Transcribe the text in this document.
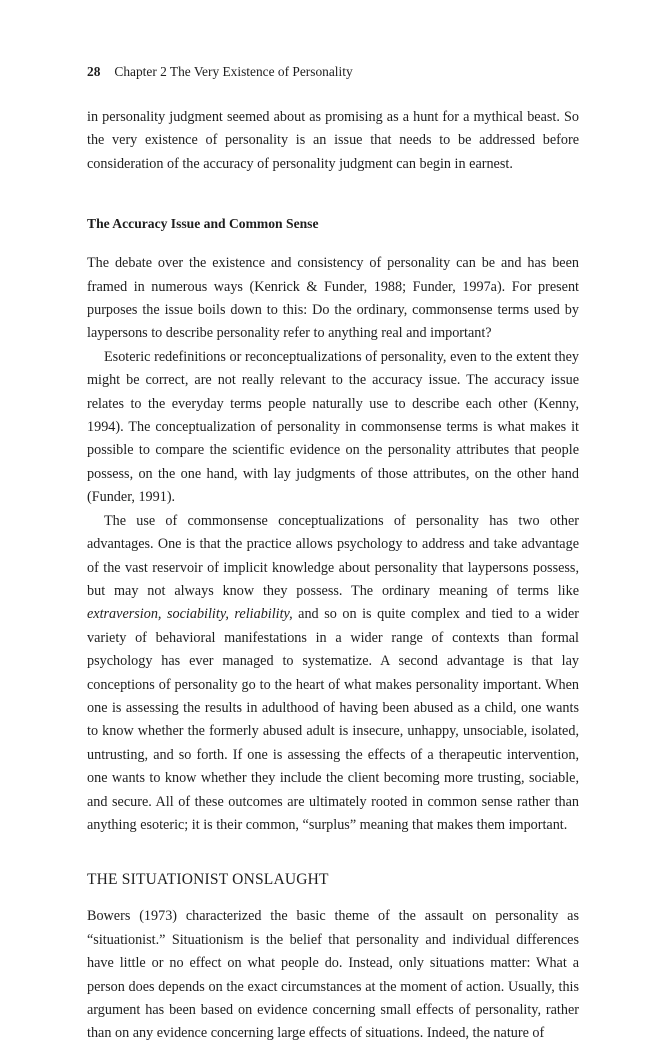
28 Chapter 2 The Very Existence of Personality

in personality judgment seemed about as promising as a hunt for a mythical beast. So the very existence of personality is an issue that needs to be addressed before consideration of the accuracy of personality judgment can begin in earnest.

The Accuracy Issue and Common Sense

The debate over the existence and consistency of personality can be and has been framed in numerous ways (Kenrick & Funder, 1988; Funder, 1997a). For present purposes the issue boils down to this: Do the ordinary, commonsense terms used by laypersons to describe personality refer to anything real and important?

Esoteric redefinitions or reconceptualizations of personality, even to the extent they might be correct, are not really relevant to the accuracy issue. The accuracy issue relates to the everyday terms people naturally use to describe each other (Kenny, 1994). The conceptualization of personality in commonsense terms is what makes it possible to compare the scientific evidence on the personality attributes that people possess, on the one hand, with lay judgments of those attributes, on the other hand (Funder, 1991).

The use of commonsense conceptualizations of personality has two other advantages. One is that the practice allows psychology to address and take advantage of the vast reservoir of implicit knowledge about personality that laypersons possess, but may not always know they possess. The ordinary meaning of terms like extraversion, sociability, reliability, and so on is quite complex and tied to a wider variety of behavioral manifestations in a wider range of contexts than formal psychology has ever managed to systematize. A second advantage is that lay conceptions of personality go to the heart of what makes personality important. When one is assessing the results in adulthood of having been abused as a child, one wants to know whether the formerly abused adult is insecure, unhappy, unsociable, isolated, untrusting, and so forth. If one is assessing the effects of a therapeutic intervention, one wants to know whether they include the client becoming more trusting, sociable, and secure. All of these outcomes are ultimately rooted in common sense rather than anything esoteric; it is their common, “surplus” meaning that makes them important.

THE SITUATIONIST ONSLAUGHT

Bowers (1973) characterized the basic theme of the assault on personality as “situationist.” Situationism is the belief that personality and individual differences have little or no effect on what people do. Instead, only situations matter: What a person does depends on the exact circumstances at the moment of action. Usually, this argument has been based on evidence concerning small effects of personality, rather than on any evidence concerning large effects of situations. Indeed, the nature of
